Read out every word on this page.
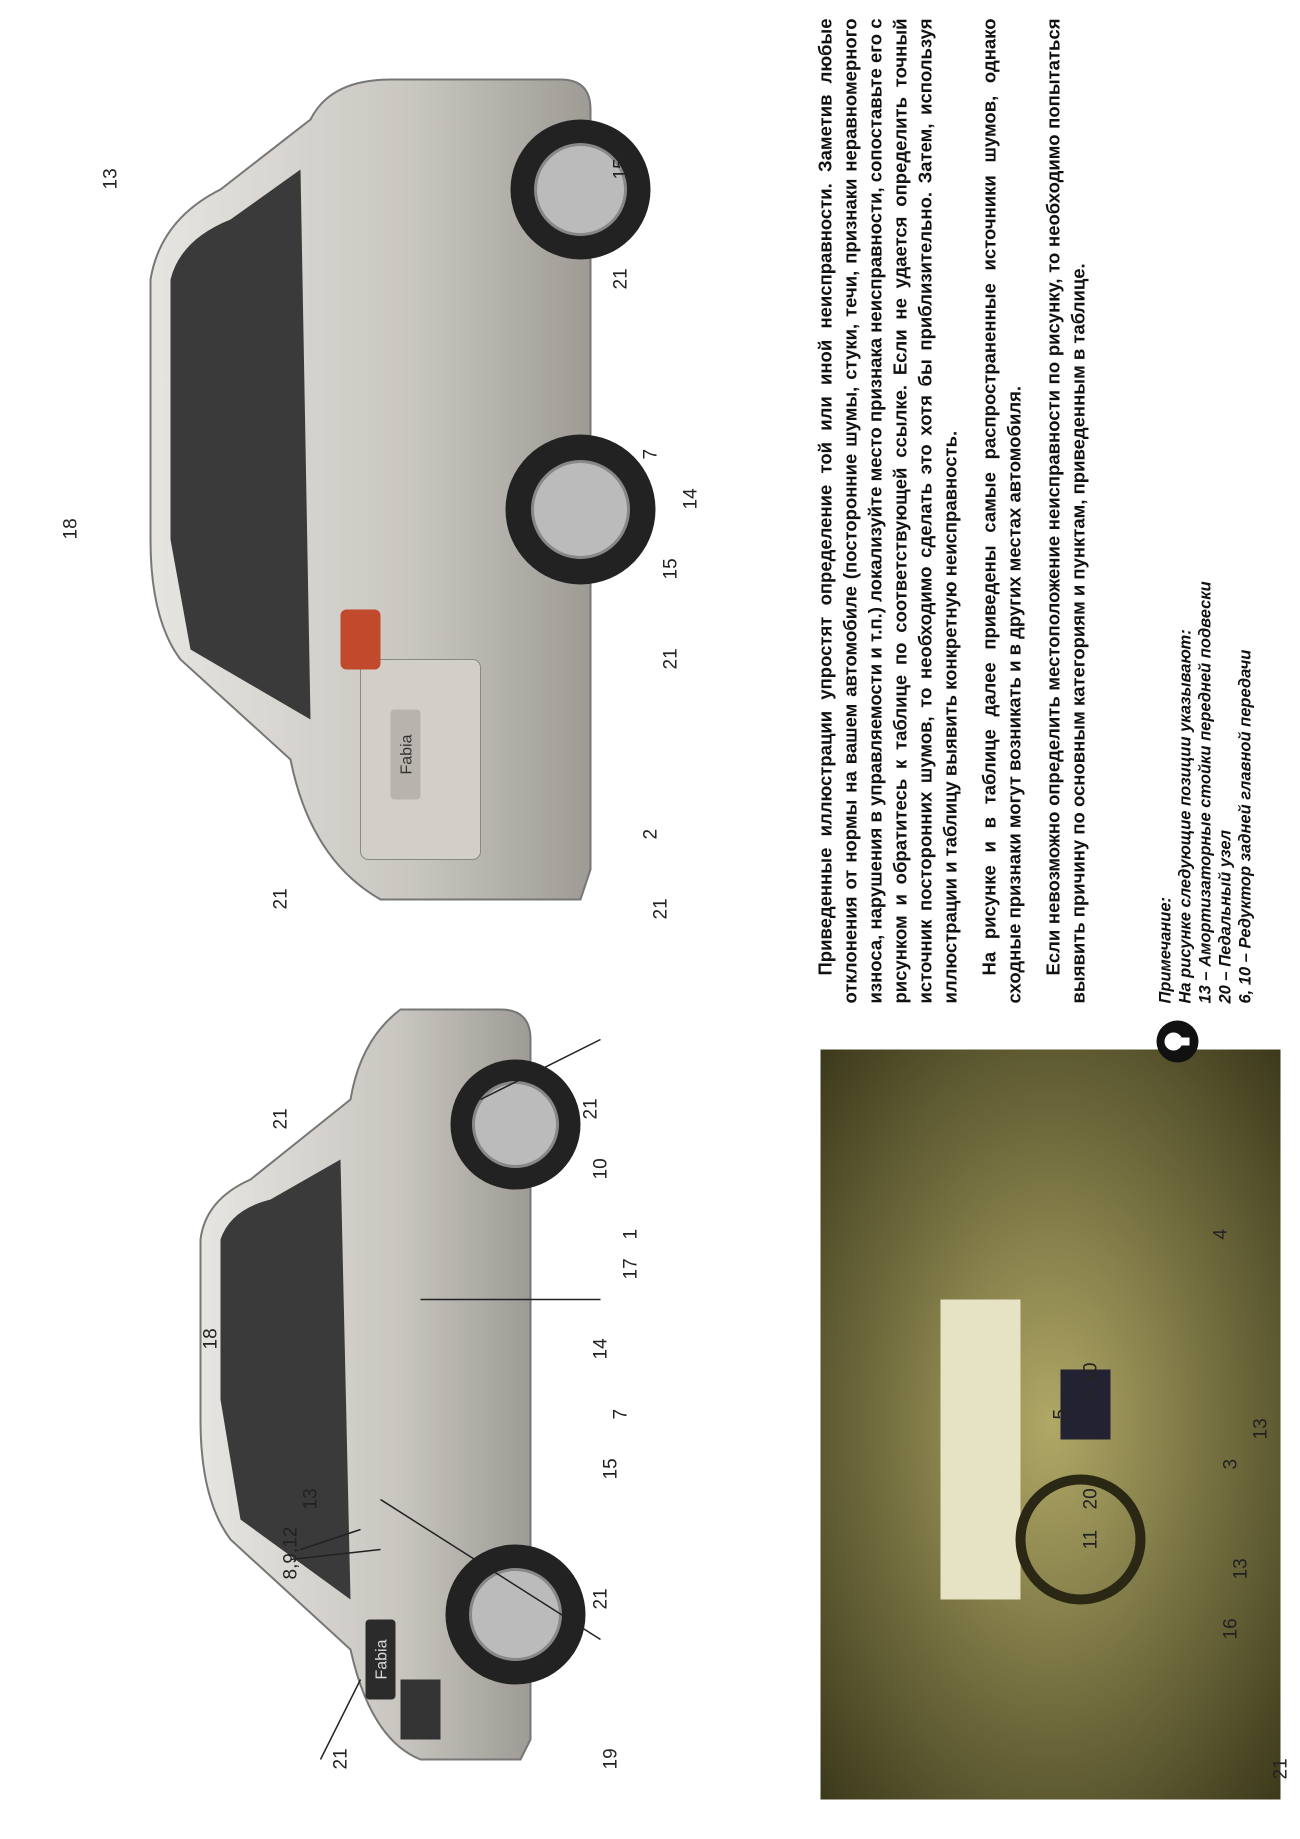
Fabia
Fabia	Приведенные иллюстрации упростят определение той или иной неисправности. Заметив любые отклонения от нормы на вашем автомобиле (посторонние шумы, стуки, течи, признаки неравномерного износа, нарушения в управляемости и т.п.) локализуйте место признака неисправности, сопоставьте его с рисунком и обратитесь к таблице по соответствующей ссылке. Если не удается определить точный источник посторонних шумов, то необходимо сделать это хотя бы приблизительно. Затем, используя иллюстрации и таблицу выявить конкретную неисправность. На рисунке и в таблице далее приведены самые распространенные источники шумов, однако сходные признаки могут возникать и в других местах автомобиля. Если невозможно определить местоположение неисправности по рисунку, то необходимо попытаться выявить причину по основным категориям и пунктам, приведенным в таблице.	Примечание: На рисунке следующие позиции указывают: 13 – Амортизаторные стойки передней подвески 20 – Педальный узел 6, 10 – Редуктор задней главной передачи
21
8,9,12
13
18
21
21
19
15
7
14
17
1
10
21
13
18
21
15
7
14
15
21
21
2
21
21
16
13
11
20
3
13
5
6,10
4
